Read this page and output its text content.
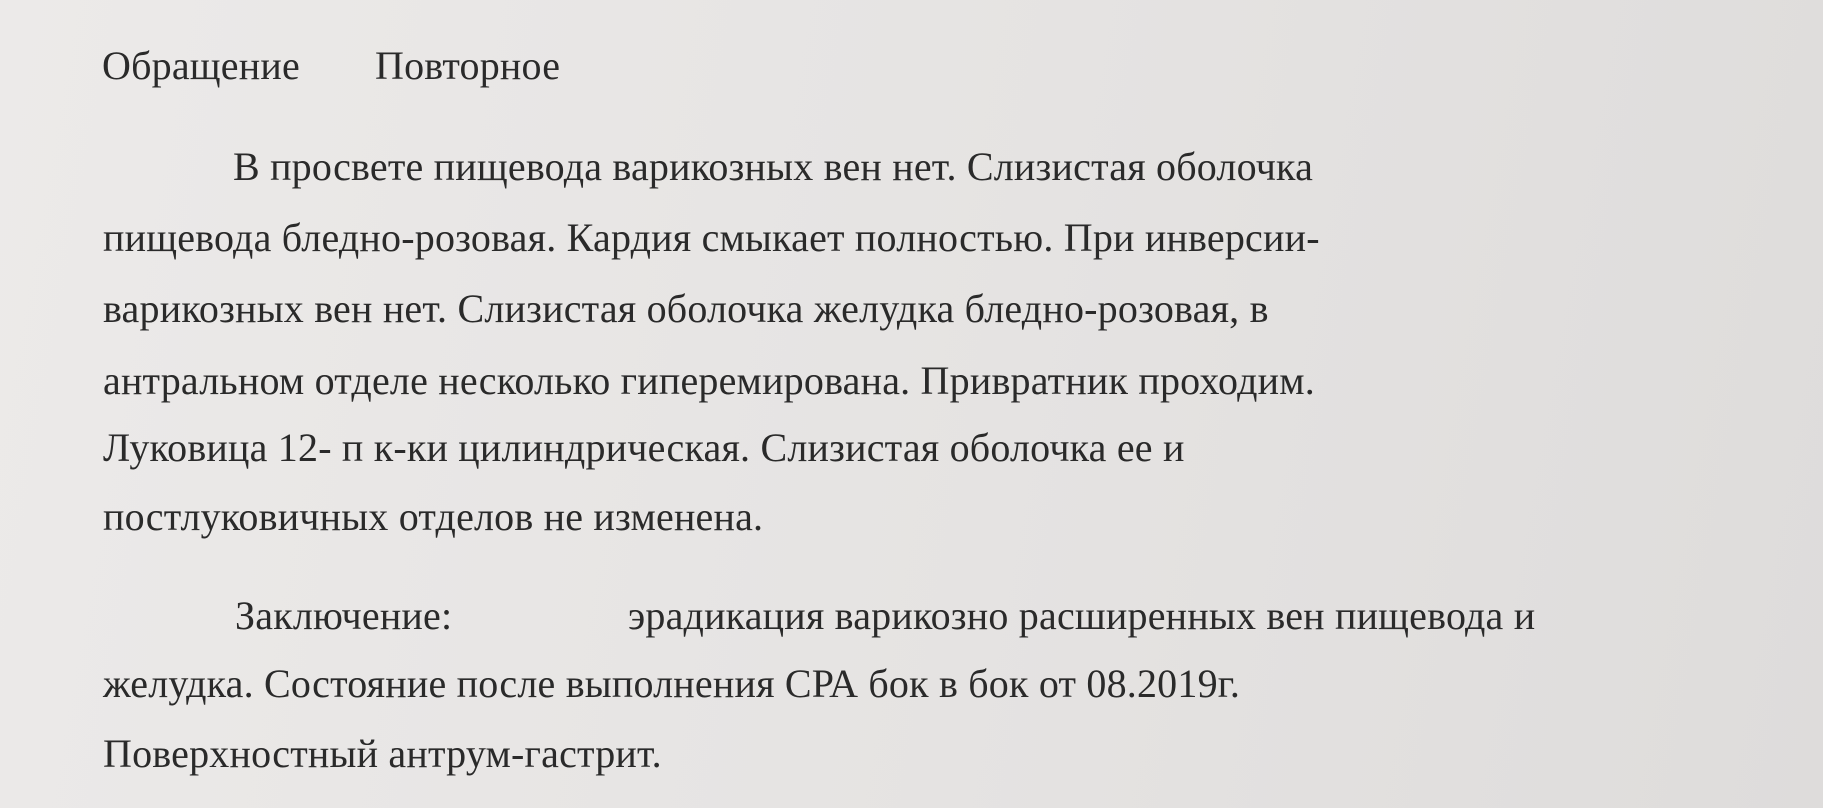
Обращение Повторное
В просвете пищевода варикозных вен нет. Слизистая оболочка
пищевода бледно-розовая. Кардия смыкает полностью. При инверсии-
варикозных вен нет. Слизистая оболочка желудка бледно-розовая, в
антральном отделе несколько гиперемирована. Привратник проходим.
Луковица 12- п к-ки цилиндрическая. Слизистая оболочка ее и
постлуковичных отделов не изменена.
Заключение:	эрадикация варикозно расширенных вен пищевода и
желудка. Состояние после выполнения СРА бок в бок от 08.2019г.
Поверхностный антрум-гастрит.
